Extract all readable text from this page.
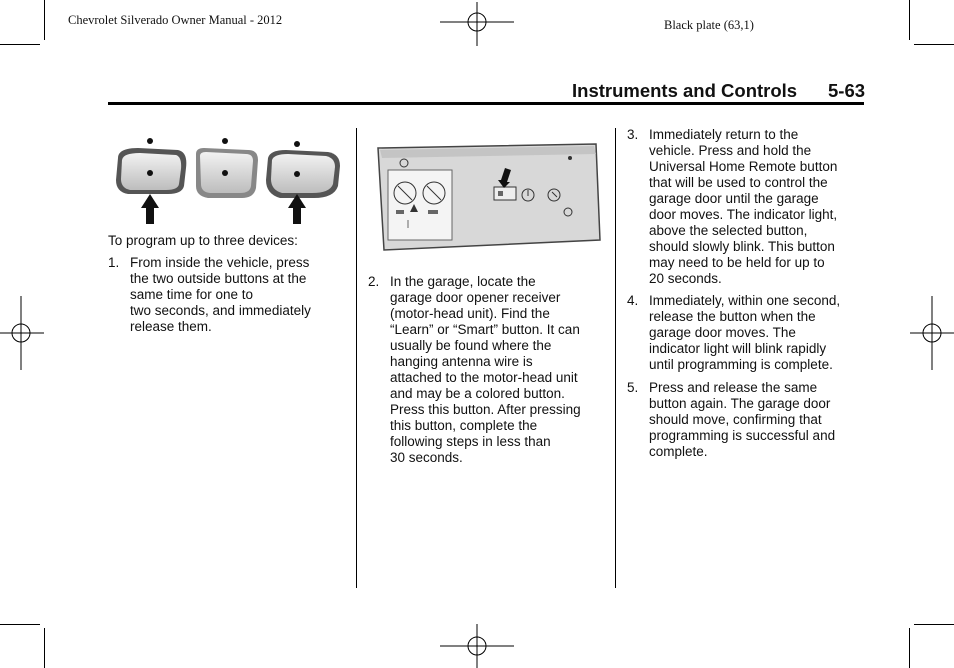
Chevrolet Silverado Owner Manual - 2012	Black plate (63,1)
Instruments and Controls 5-63
To program up to three devices:
1. From inside the vehicle, press
the two outside buttons at the
same time for one to
two seconds, and immediately
release them.
2. In the garage, locate the
garage door opener receiver
(motor-head unit). Find the
“Learn” or “Smart” button. It can
usually be found where the
hanging antenna wire is
attached to the motor-head unit
and may be a colored button.
Press this button. After pressing
this button, complete the
following steps in less than
30 seconds.
3. Immediately return to the
vehicle. Press and hold the
Universal Home Remote button
that will be used to control the
garage door until the garage
door moves. The indicator light,
above the selected button,
should slowly blink. This button
may need to be held for up to
20 seconds.
4. Immediately, within one second,
release the button when the
garage door moves. The
indicator light will blink rapidly
until programming is complete.
5. Press and release the same
button again. The garage door
should move, confirming that
programming is successful and
complete.
